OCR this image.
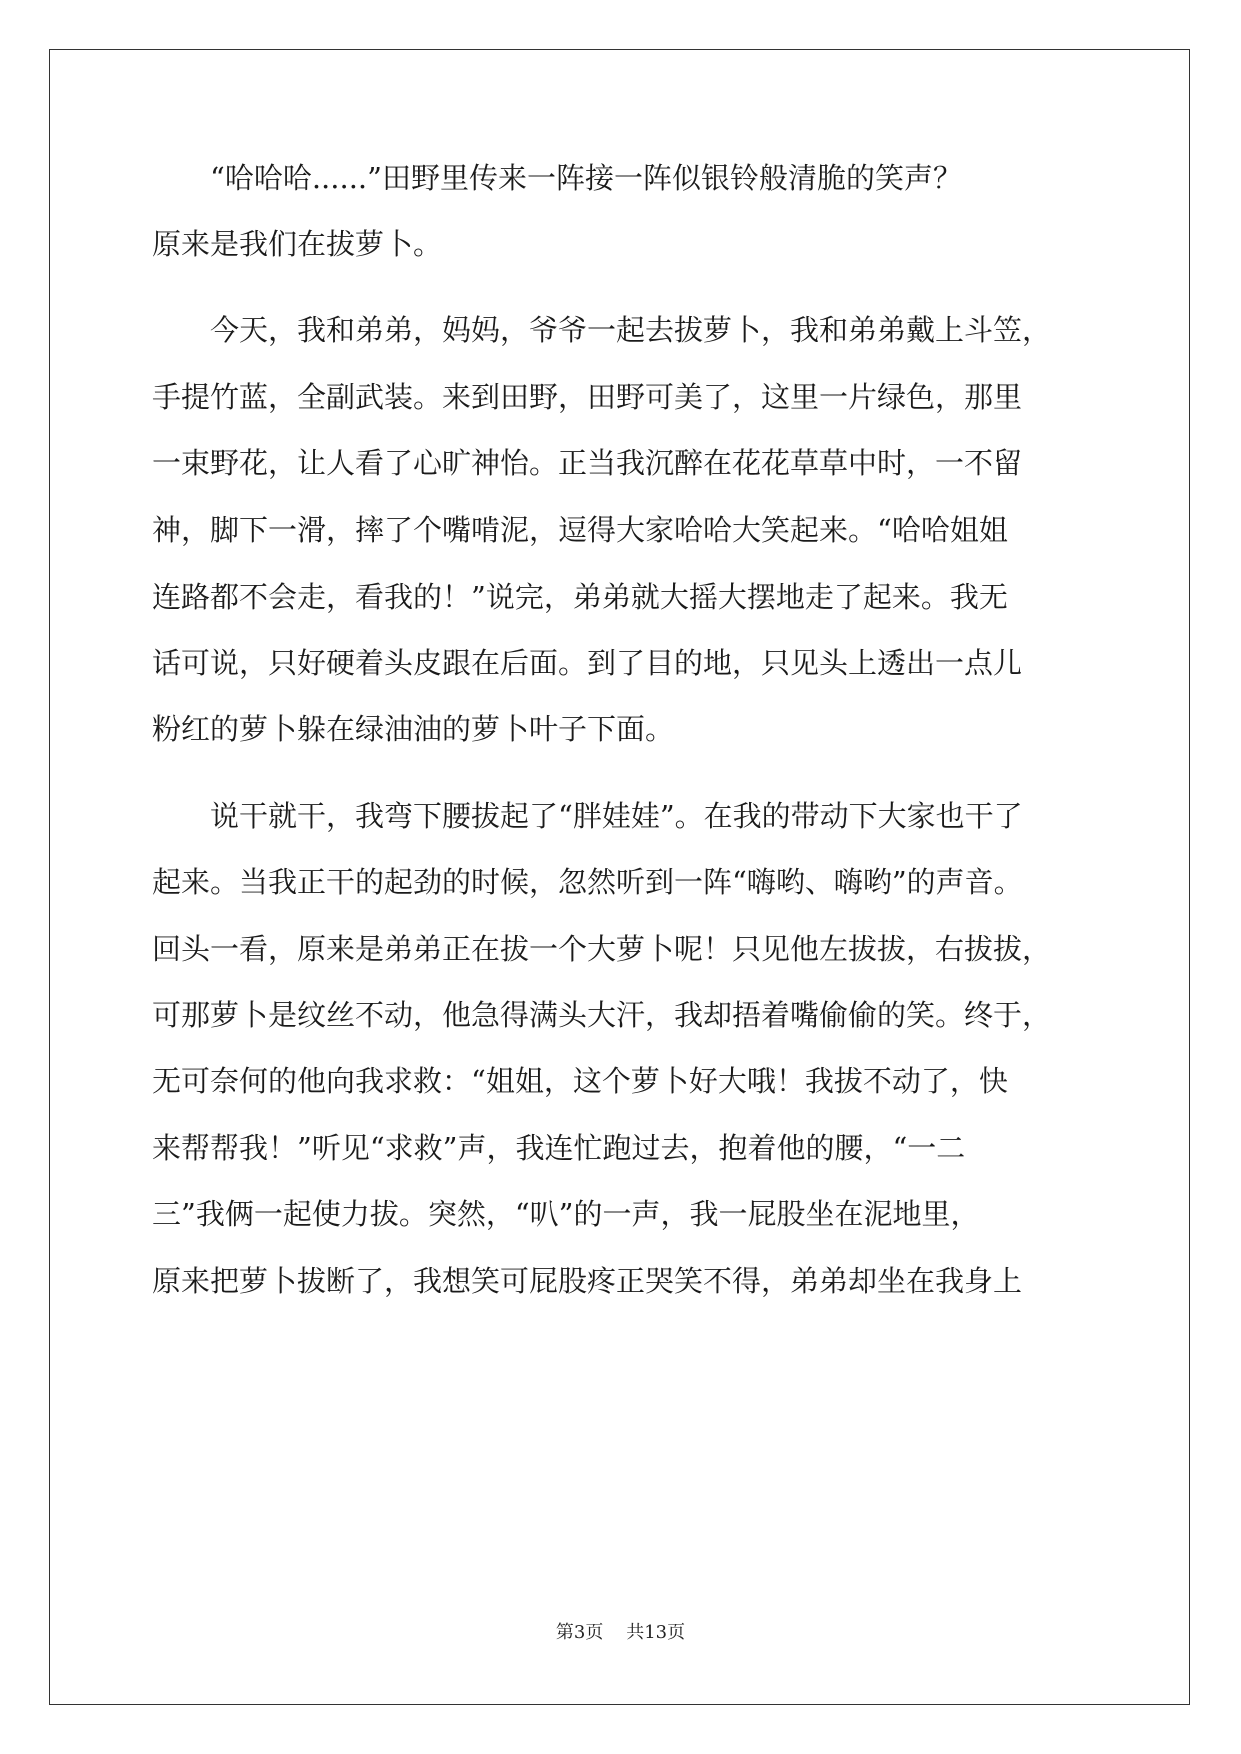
　　“哈哈哈......”田野里传来一阵接一阵似银铃般清脆的笑声？
原来是我们在拔萝卜。
　　今天，我和弟弟，妈妈，爷爷一起去拔萝卜，我和弟弟戴上斗笠，
手提竹蓝，全副武装。来到田野，田野可美了，这里一片绿色，那里
一束野花，让人看了心旷神怡。正当我沉醉在花花草草中时，一不留
神，脚下一滑，摔了个嘴啃泥，逗得大家哈哈大笑起来。“哈哈姐姐
连路都不会走，看我的！”说完，弟弟就大摇大摆地走了起来。我无
话可说，只好硬着头皮跟在后面。到了目的地，只见头上透出一点儿
粉红的萝卜躲在绿油油的萝卜叶子下面。
　　说干就干，我弯下腰拔起了“胖娃娃”。在我的带动下大家也干了
起来。当我正干的起劲的时候，忽然听到一阵“嗨哟、嗨哟”的声音。
回头一看，原来是弟弟正在拔一个大萝卜呢！只见他左拔拔，右拔拔，
可那萝卜是纹丝不动，他急得满头大汗，我却捂着嘴偷偷的笑。终于，
无可奈何的他向我求救：“姐姐，这个萝卜好大哦！我拔不动了，快
来帮帮我！”听见“求救”声，我连忙跑过去，抱着他的腰，“一二
三”我俩一起使力拔。突然，“叭”的一声，我一屁股坐在泥地里，
原来把萝卜拔断了，我想笑可屁股疼正哭笑不得，弟弟却坐在我身上
第3页 共13页
